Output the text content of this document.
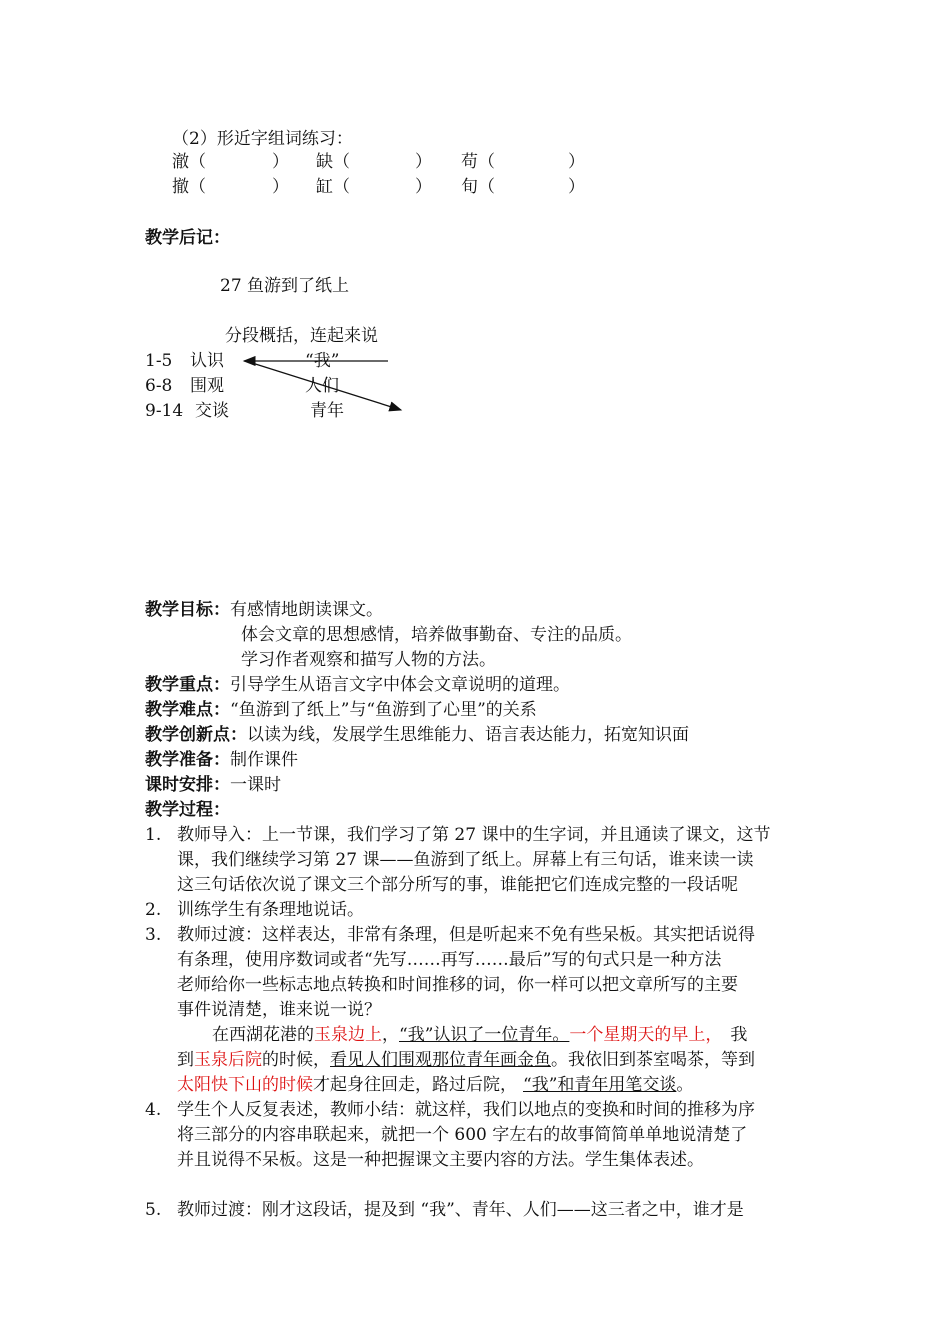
（2）形近字组词练习：
澈（	） 缺（	） 苟（	）
撤（	） 缸（	） 旬（	）
教学后记：
27 鱼游到了纸上
分段概括，连起来说
1-5 认识	“我”
6-8 围观	人们
9-14 交谈	青年
教学目标：有感情地朗读课文。
体会文章的思想感情，培养做事勤奋、专注的品质。
学习作者观察和描写人物的方法。
教学重点：引导学生从语言文字中体会文章说明的道理。
教学难点：“鱼游到了纸上”与“鱼游到了心里”的关系
教学创新点：以读为线，发展学生思维能力、语言表达能力，拓宽知识面
教学准备：制作课件
课时安排：一课时
教学过程：
1. 教师导入：上一节课，我们学习了第 27 课中的生字词，并且通读了课文，这节
课，我们继续学习第 27 课——鱼游到了纸上。屏幕上有三句话，谁来读一读
这三句话依次说了课文三个部分所写的事，谁能把它们连成完整的一段话呢
2. 训练学生有条理地说话。
3. 教师过渡：这样表达，非常有条理，但是听起来不免有些呆板。其实把话说得
有条理，使用序数词或者“先写……再写……最后”写的句式只是一种方法
老师给你一些标志地点转换和时间推移的词，你一样可以把文章所写的主要
事件说清楚，谁来说一说？
在西湖花港的玉泉边上，“我”认识了一位青年。一个星期天的早上， 我
到玉泉后院的时候，看见人们围观那位青年画金鱼。我依旧到茶室喝茶，等到
太阳快下山的时候才起身往回走，路过后院， “我”和青年用笔交谈。
4. 学生个人反复表述，教师小结：就这样，我们以地点的变换和时间的推移为序
将三部分的内容串联起来，就把一个 600 字左右的故事简简单单地说清楚了
并且说得不呆板。这是一种把握课文主要内容的方法。学生集体表述。
5. 教师过渡：刚才这段话，提及到 “我”、青年、人们——这三者之中，谁才是
